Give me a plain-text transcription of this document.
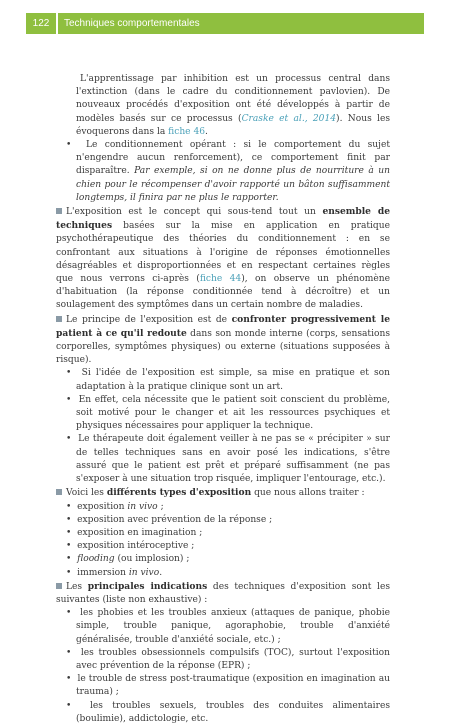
122	Techniques comportementales

L'apprentissage par inhibition est un processus central dans l'extinction (dans le cadre du conditionnement pavlovien). De nouveaux procédés d'exposition ont été développés à partir de modèles basés sur ce processus (Craske et al., 2014). Nous les évoquerons dans la fiche 46.

• Le conditionnement opérant : si le comportement du sujet n'engendre aucun renforcement), ce comportement finit par disparaître. Par exemple, si on ne donne plus de nourriture à un chien pour le récompenser d'avoir rapporté un bâton suffisamment longtemps, il finira par ne plus le rapporter.

L'exposition est le concept qui sous-tend tout un ensemble de techniques basées sur la mise en application en pratique psychothérapeutique des théories du conditionnement : en se confrontant aux situations à l'origine de réponses émotionnelles désagréables et disproportionnées et en respectant certaines règles que nous verrons ci-après (fiche 44), on observe un phénomène d'habituation (la réponse conditionnée tend à décroître) et un soulagement des symptômes dans un certain nombre de maladies.

Le principe de l'exposition est de confronter progressivement le patient à ce qu'il redoute dans son monde interne (corps, sensations corporelles, symptômes physiques) ou externe (situations supposées à risque).

• Si l'idée de l'exposition est simple, sa mise en pratique et son adaptation à la pratique clinique sont un art.
• En effet, cela nécessite que le patient soit conscient du problème, soit motivé pour le changer et ait les ressources psychiques et physiques nécessaires pour appliquer la technique.
• Le thérapeute doit également veiller à ne pas se « précipiter » sur de telles techniques sans en avoir posé les indications, s'être assuré que le patient est prêt et préparé suffisamment (ne pas s'exposer à une situation trop risquée, impliquer l'entourage, etc.).

Voici les différents types d'exposition que nous allons traiter :

• exposition in vivo ;
• exposition avec prévention de la réponse ;
• exposition en imagination ;
• exposition intéroceptive ;
• flooding (ou implosion) ;
• immersion in vivo.

Les principales indications des techniques d'exposition sont les suivantes (liste non exhaustive) :

• les phobies et les troubles anxieux (attaques de panique, phobie simple, trouble panique, agoraphobie, trouble d'anxiété généralisée, trouble d'anxiété sociale, etc.) ;
• les troubles obsessionnels compulsifs (TOC), surtout l'exposition avec prévention de la réponse (EPR) ;
• le trouble de stress post-traumatique (exposition en imagination au trauma) ;
• les troubles sexuels, troubles des conduites alimentaires (boulimie), addictologie, etc.
